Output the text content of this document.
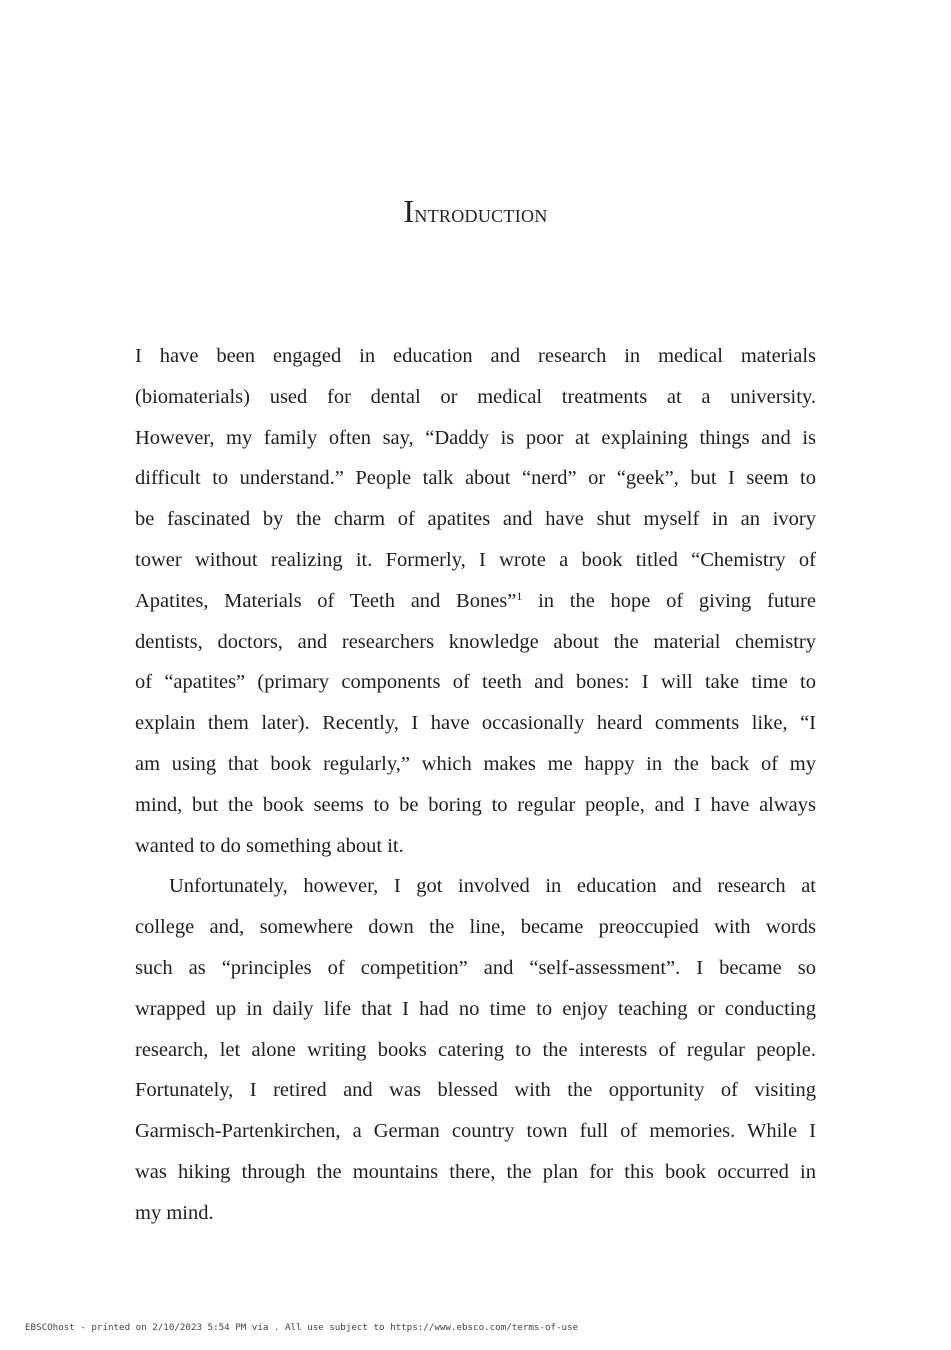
Introduction
I have been engaged in education and research in medical materials
(biomaterials) used for dental or medical treatments at a university.
However, my family often say, “Daddy is poor at explaining things and is
difficult to understand.” People talk about “nerd” or “geek”, but I seem to
be fascinated by the charm of apatites and have shut myself in an ivory
tower without realizing it. Formerly, I wrote a book titled “Chemistry of
Apatites, Materials of Teeth and Bones”$^1$ in the hope of giving future
dentists, doctors, and researchers knowledge about the material chemistry
of “apatites” (primary components of teeth and bones: I will take time to
explain them later). Recently, I have occasionally heard comments like, “I
am using that book regularly,” which makes me happy in the back of my
mind, but the book seems to be boring to regular people, and I have always
wanted to do something about it.
Unfortunately, however, I got involved in education and research at
college and, somewhere down the line, became preoccupied with words
such as “principles of competition” and “self-assessment”. I became so
wrapped up in daily life that I had no time to enjoy teaching or conducting
research, let alone writing books catering to the interests of regular people.
Fortunately, I retired and was blessed with the opportunity of visiting
Garmisch-Partenkirchen, a German country town full of memories. While I
was hiking through the mountains there, the plan for this book occurred in
my mind.
EBSCOhost - printed on 2/10/2023 5:54 PM via . All use subject to https://www.ebsco.com/terms-of-use
